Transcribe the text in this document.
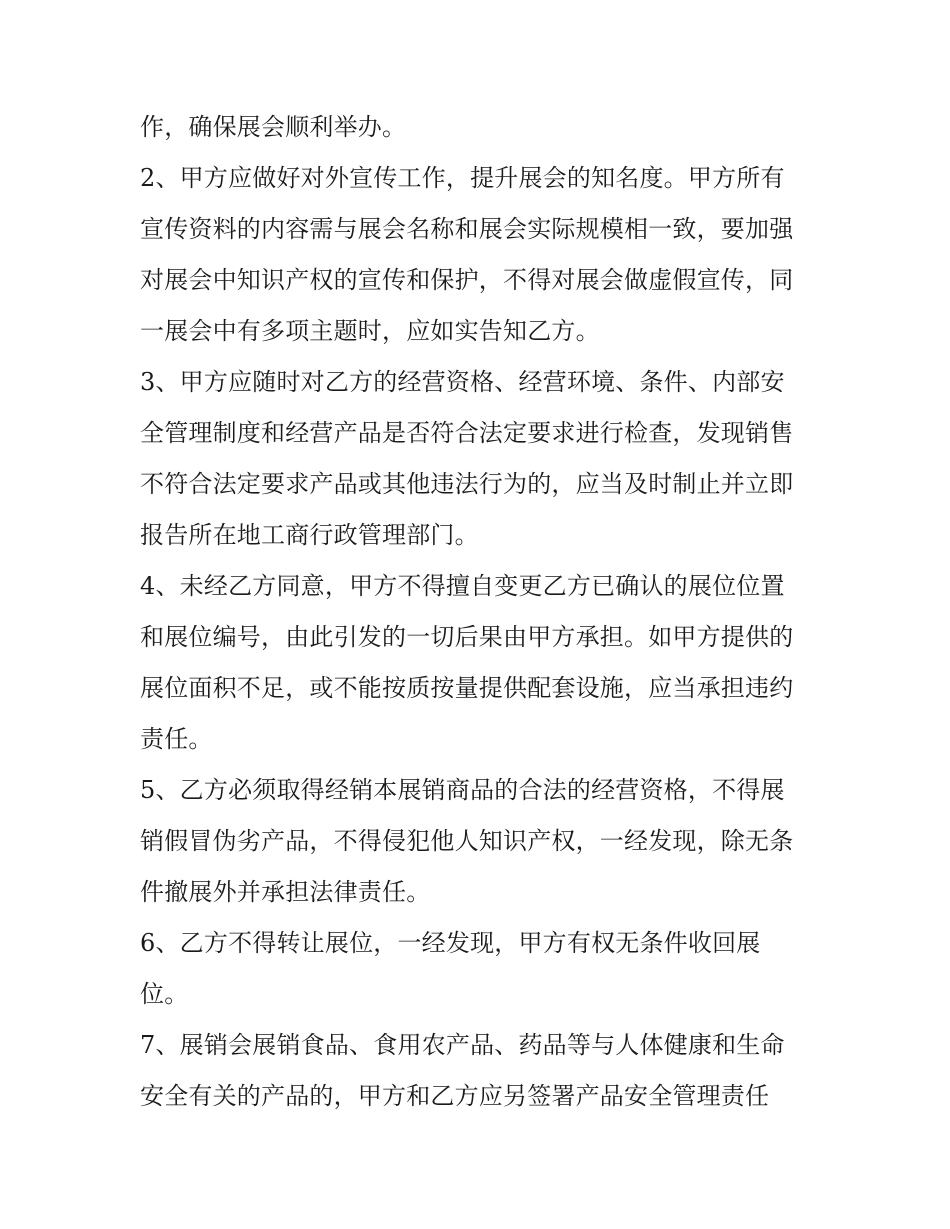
作，确保展会顺利举办。
2、甲方应做好对外宣传工作，提升展会的知名度。甲方所有
宣传资料的内容需与展会名称和展会实际规模相一致，要加强
对展会中知识产权的宣传和保护，不得对展会做虚假宣传，同
一展会中有多项主题时，应如实告知乙方。
3、甲方应随时对乙方的经营资格、经营环境、条件、内部安
全管理制度和经营产品是否符合法定要求进行检查，发现销售
不符合法定要求产品或其他违法行为的，应当及时制止并立即
报告所在地工商行政管理部门。
4、未经乙方同意，甲方不得擅自变更乙方已确认的展位位置
和展位编号，由此引发的一切后果由甲方承担。如甲方提供的
展位面积不足，或不能按质按量提供配套设施，应当承担违约
责任。
5、乙方必须取得经销本展销商品的合法的经营资格，不得展
销假冒伪劣产品，不得侵犯他人知识产权，一经发现，除无条
件撤展外并承担法律责任。
6、乙方不得转让展位，一经发现，甲方有权无条件收回展
位。
7、展销会展销食品、食用农产品、药品等与人体健康和生命
安全有关的产品的，甲方和乙方应另签署产品安全管理责任
